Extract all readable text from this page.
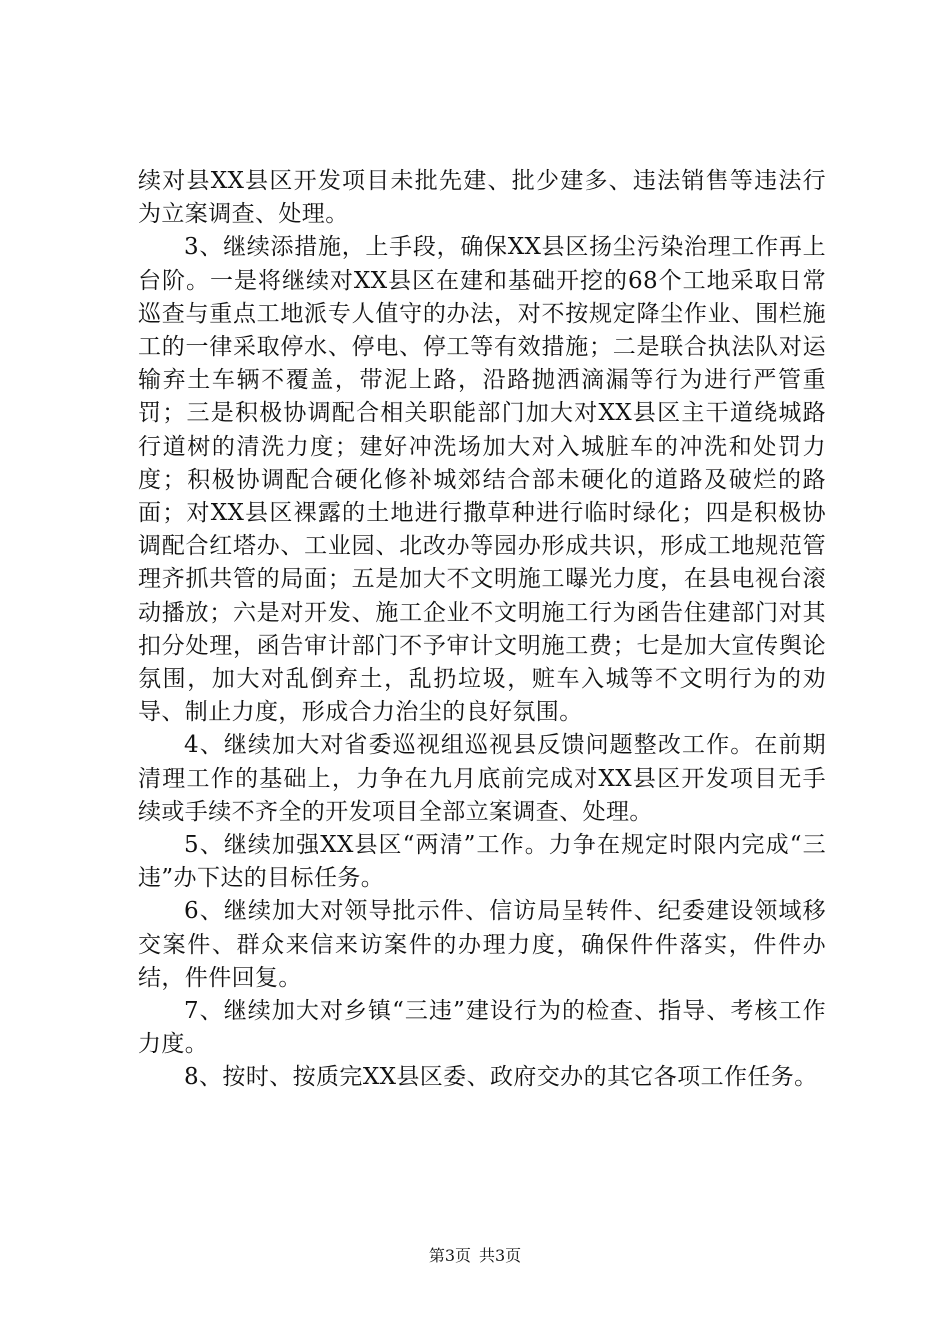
续对县XX县区开发项目未批先建、批少建多、违法销售等违法行为立案调查、处理。

3、继续添措施，上手段，确保XX县区扬尘污染治理工作再上台阶。一是将继续对XX县区在建和基础开挖的68个工地采取日常巡查与重点工地派专人值守的办法，对不按规定降尘作业、围栏施工的一律采取停水、停电、停工等有效措施；二是联合执法队对运输弃土车辆不覆盖，带泥上路，沿路抛洒滴漏等行为进行严管重罚；三是积极协调配合相关职能部门加大对XX县区主干道绕城路行道树的清洗力度；建好冲洗场加大对入城脏车的冲洗和处罚力度；积极协调配合硬化修补城郊结合部未硬化的道路及破烂的路面；对XX县区裸露的土地进行撒草种进行临时绿化；四是积极协调配合红塔办、工业园、北改办等园办形成共识，形成工地规范管理齐抓共管的局面；五是加大不文明施工曝光力度，在县电视台滚动播放；六是对开发、施工企业不文明施工行为函告住建部门对其扣分处理，函告审计部门不予审计文明施工费；七是加大宣传舆论氛围，加大对乱倒弃土，乱扔垃圾，赃车入城等不文明行为的劝导、制止力度，形成合力治尘的良好氛围。

4、继续加大对省委巡视组巡视县反馈问题整改工作。在前期清理工作的基础上，力争在九月底前完成对XX县区开发项目无手续或手续不齐全的开发项目全部立案调查、处理。

5、继续加强XX县区“两清”工作。力争在规定时限内完成“三违”办下达的目标任务。

6、继续加大对领导批示件、信访局呈转件、纪委建设领域移交案件、群众来信来访案件的办理力度，确保件件落实，件件办结，件件回复。

7、继续加大对乡镇“三违”建设行为的检查、指导、考核工作力度。

8、按时、按质完XX县区委、政府交办的其它各项工作任务。

第3页 共3页
